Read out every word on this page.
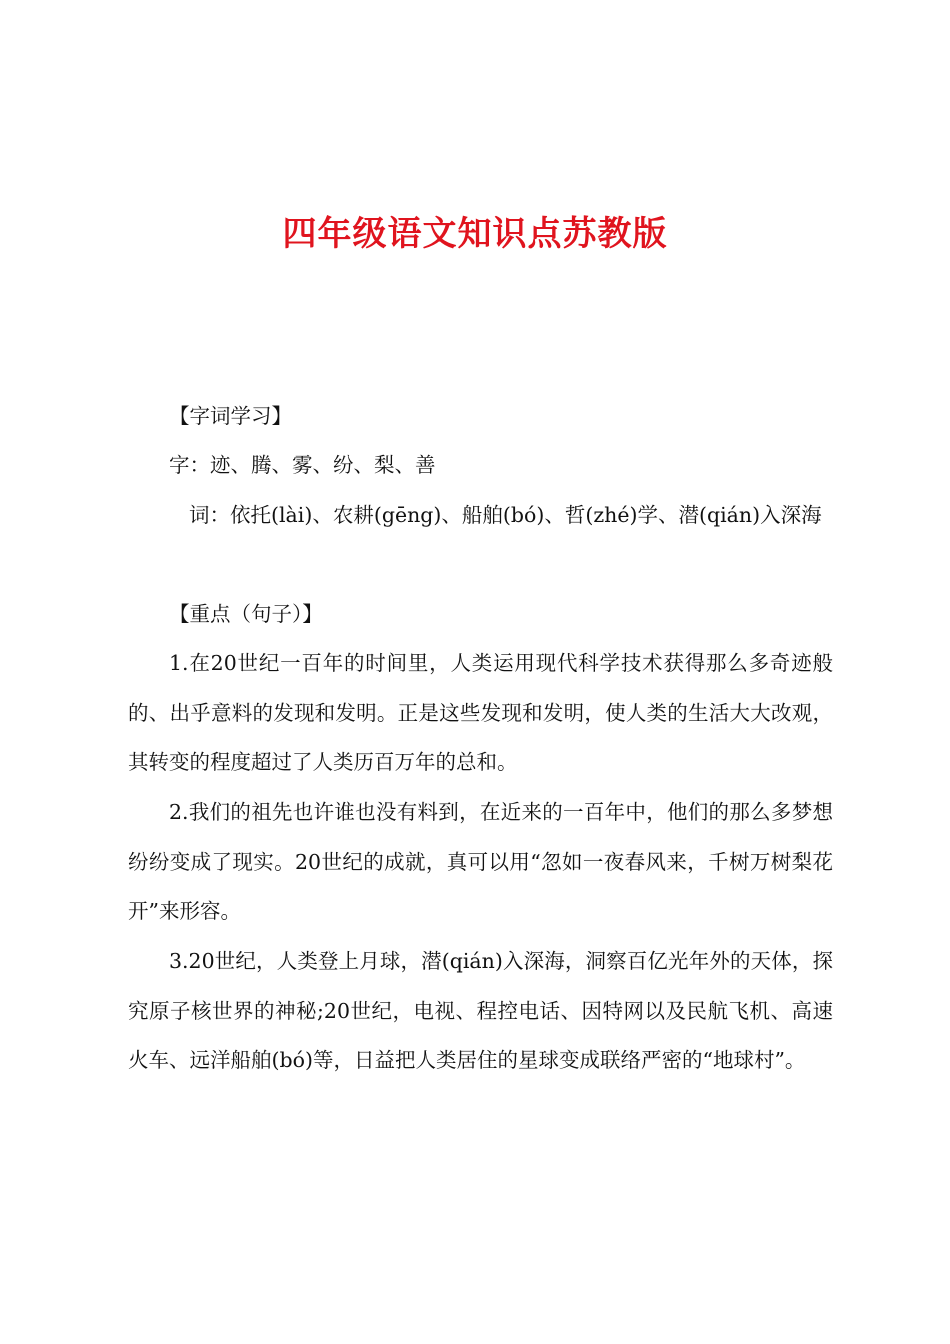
四年级语文知识点苏教版

【字词学习】

字：迹、腾、雾、纷、梨、善

词：依托(lài)、农耕(gēng)、船舶(bó)、哲(zhé)学、潜(qián)入深海

【重点（句子）】

1.在20世纪一百年的时间里，人类运用现代科学技术获得那么多奇迹般的、出乎意料的发现和发明。正是这些发现和发明，使人类的生活大大改观，其转变的程度超过了人类历百万年的总和。

2.我们的祖先也许谁也没有料到，在近来的一百年中，他们的那么多梦想纷纷变成了现实。20世纪的成就，真可以用“忽如一夜春风来，千树万树梨花开”来形容。

3.20世纪，人类登上月球，潜(qián)入深海，洞察百亿光年外的天体，探究原子核世界的神秘;20世纪，电视、程控电话、因特网以及民航飞机、高速火车、远洋船舶(bó)等，日益把人类居住的星球变成联络严密的“地球村”。
